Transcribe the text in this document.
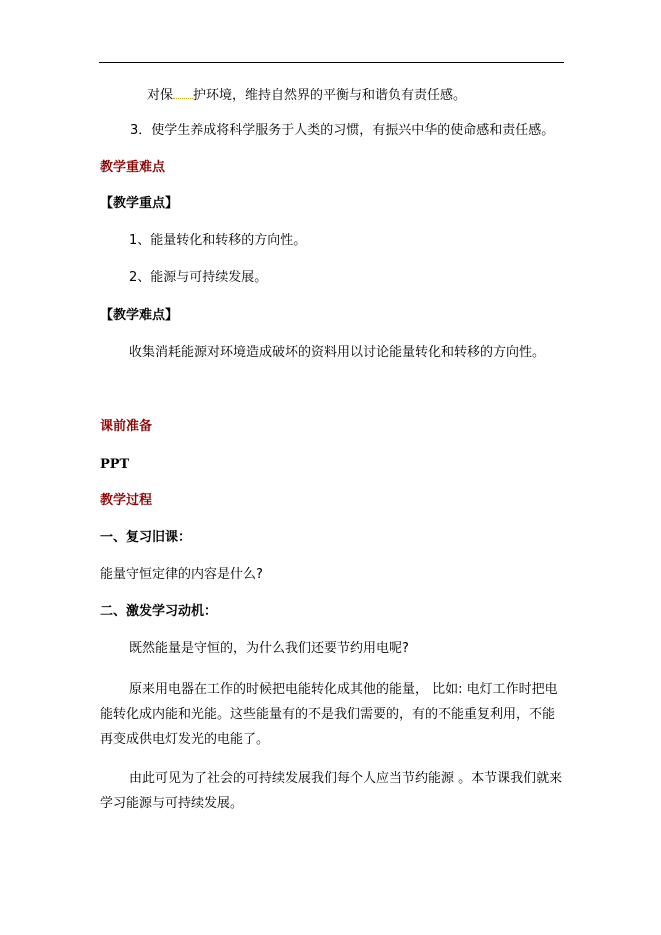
对保 护环境，维持自然界的平衡与和谐负有责任感。
3．使学生养成将科学服务于人类的习惯，有振兴中华的使命感和责任感。
教学重难点
【教学重点】
1、能量转化和转移的方向性。
2、能源与可持续发展。
【教学难点】
收集消耗能源对环境造成破坏的资料用以讨论能量转化和转移的方向性。
课前准备
PPT
教学过程
一、复习旧课：
能量守恒定律的内容是什么?
二、激发学习动机：
既然能量是守恒的，为什么我们还要节约用电呢?
原来用电器在工作的时候把电能转化成其他的能量， 比如: 电灯工作时把电
能转化成内能和光能。这些能量有的不是我们需要的，有的不能重复利用，不能
再变成供电灯发光的电能了。
由此可见为了社会的可持续发展我们每个人应当节约能源 。本节课我们就来
学习能源与可持续发展。
